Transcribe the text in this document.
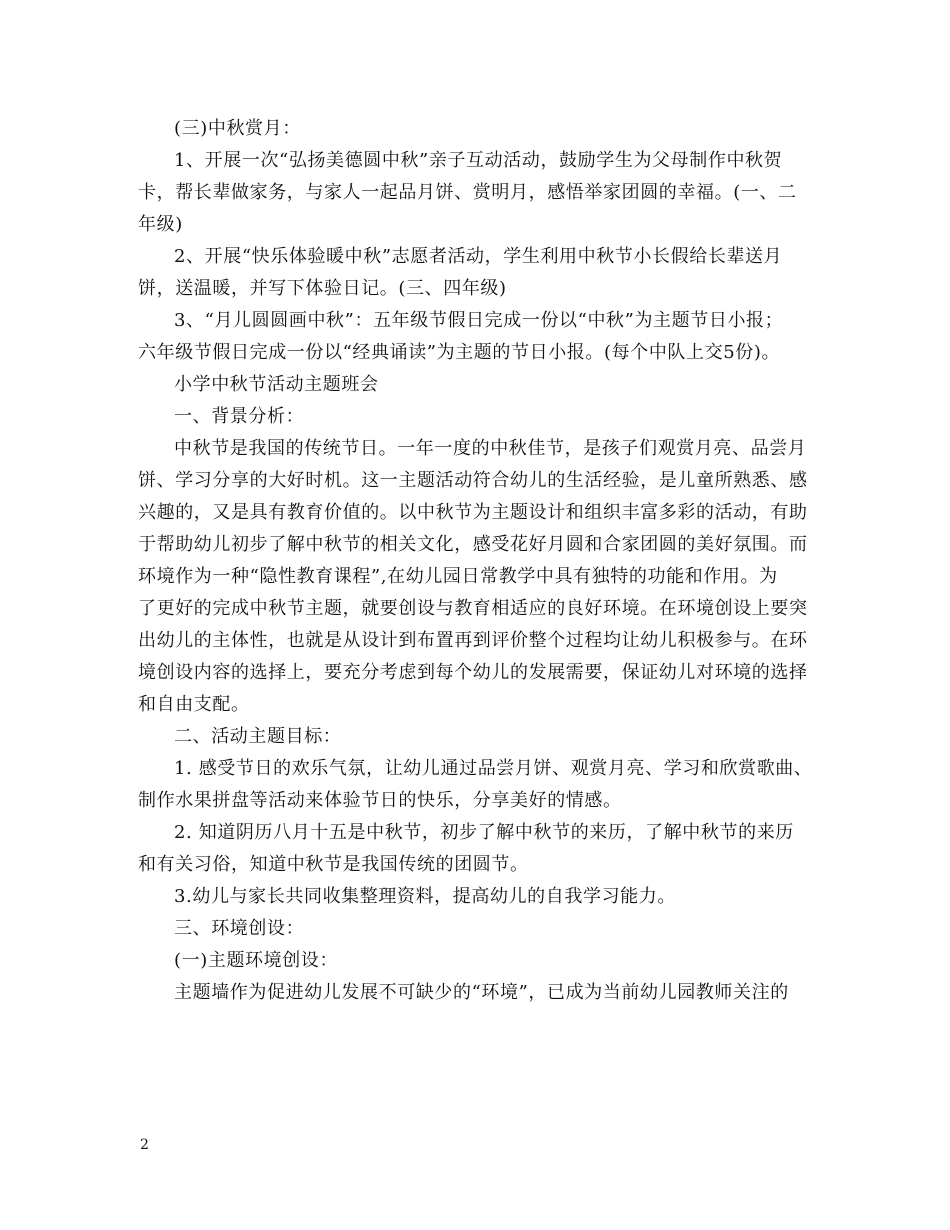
(三)中秋赏月：
1、开展一次“弘扬美德圆中秋”亲子互动活动，鼓励学生为父母制作中秋贺
卡，帮长辈做家务，与家人一起品月饼、赏明月，感悟举家团圆的幸福。(一、二
年级)
2、开展“快乐体验暖中秋”志愿者活动，学生利用中秋节小长假给长辈送月
饼，送温暖，并写下体验日记。(三、四年级)
3、“月儿圆圆画中秋”：五年级节假日完成一份以“中秋”为主题节日小报；
六年级节假日完成一份以“经典诵读”为主题的节日小报。(每个中队上交5份)。
小学中秋节活动主题班会
一、背景分析：
中秋节是我国的传统节日。一年一度的中秋佳节，是孩子们观赏月亮、品尝月
饼、学习分享的大好时机。这一主题活动符合幼儿的生活经验，是儿童所熟悉、感
兴趣的，又是具有教育价值的。以中秋节为主题设计和组织丰富多彩的活动，有助
于帮助幼儿初步了解中秋节的相关文化，感受花好月圆和合家团圆的美好氛围。而
环境作为一种“隐性教育课程”,在幼儿园日常教学中具有独特的功能和作用。为
了更好的完成中秋节主题，就要创设与教育相适应的良好环境。在环境创设上要突
出幼儿的主体性，也就是从设计到布置再到评价整个过程均让幼儿积极参与。在环
境创设内容的选择上，要充分考虑到每个幼儿的发展需要，保证幼儿对环境的选择
和自由支配。
二、活动主题目标：
1. 感受节日的欢乐气氛，让幼儿通过品尝月饼、观赏月亮、学习和欣赏歌曲、
制作水果拼盘等活动来体验节日的快乐，分享美好的情感。
2. 知道阴历八月十五是中秋节，初步了解中秋节的来历，了解中秋节的来历
和有关习俗，知道中秋节是我国传统的团圆节。
3.幼儿与家长共同收集整理资料，提高幼儿的自我学习能力。
三、环境创设：
(一)主题环境创设：
主题墙作为促进幼儿发展不可缺少的“环境”，已成为当前幼儿园教师关注的
2
